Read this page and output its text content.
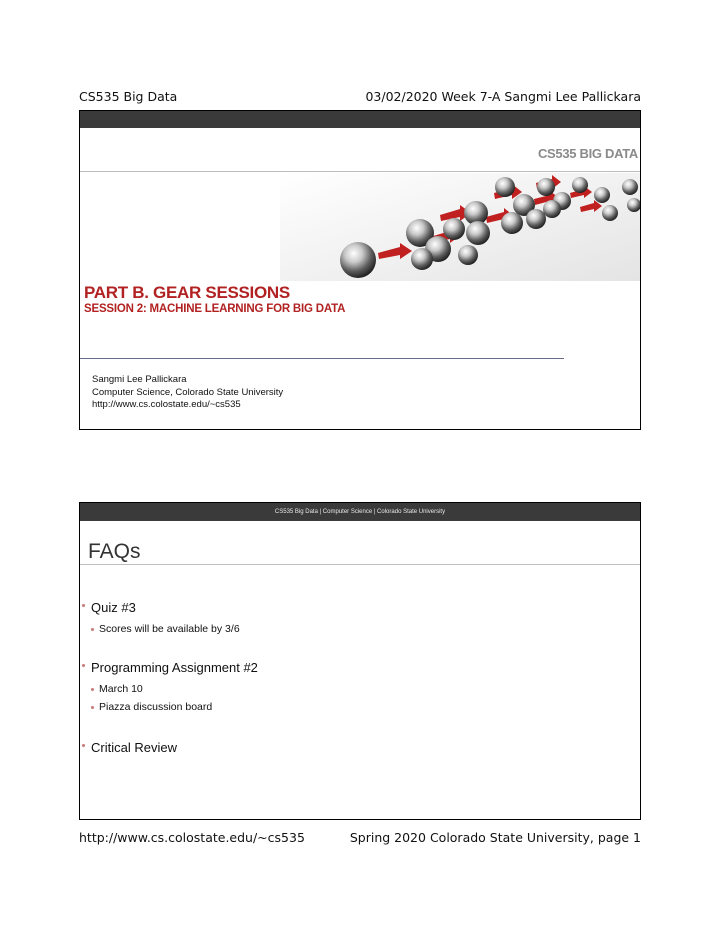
CS535 Big Data	03/02/2020 Week 7-A Sangmi Lee Pallickara
CS535 BIG DATA
PART B. GEAR SESSIONS
SESSION 2: MACHINE LEARNING FOR BIG DATA
Sangmi Lee Pallickara
Computer Science, Colorado State University
http://www.cs.colostate.edu/~cs535
CS535 Big Data | Computer Science | Colorado State University
FAQs
Quiz #3
Scores will be available by 3/6
Programming Assignment #2
March 10
Piazza discussion board
Critical Review
http://www.cs.colostate.edu/~cs535	Spring 2020 Colorado State University, page 1
